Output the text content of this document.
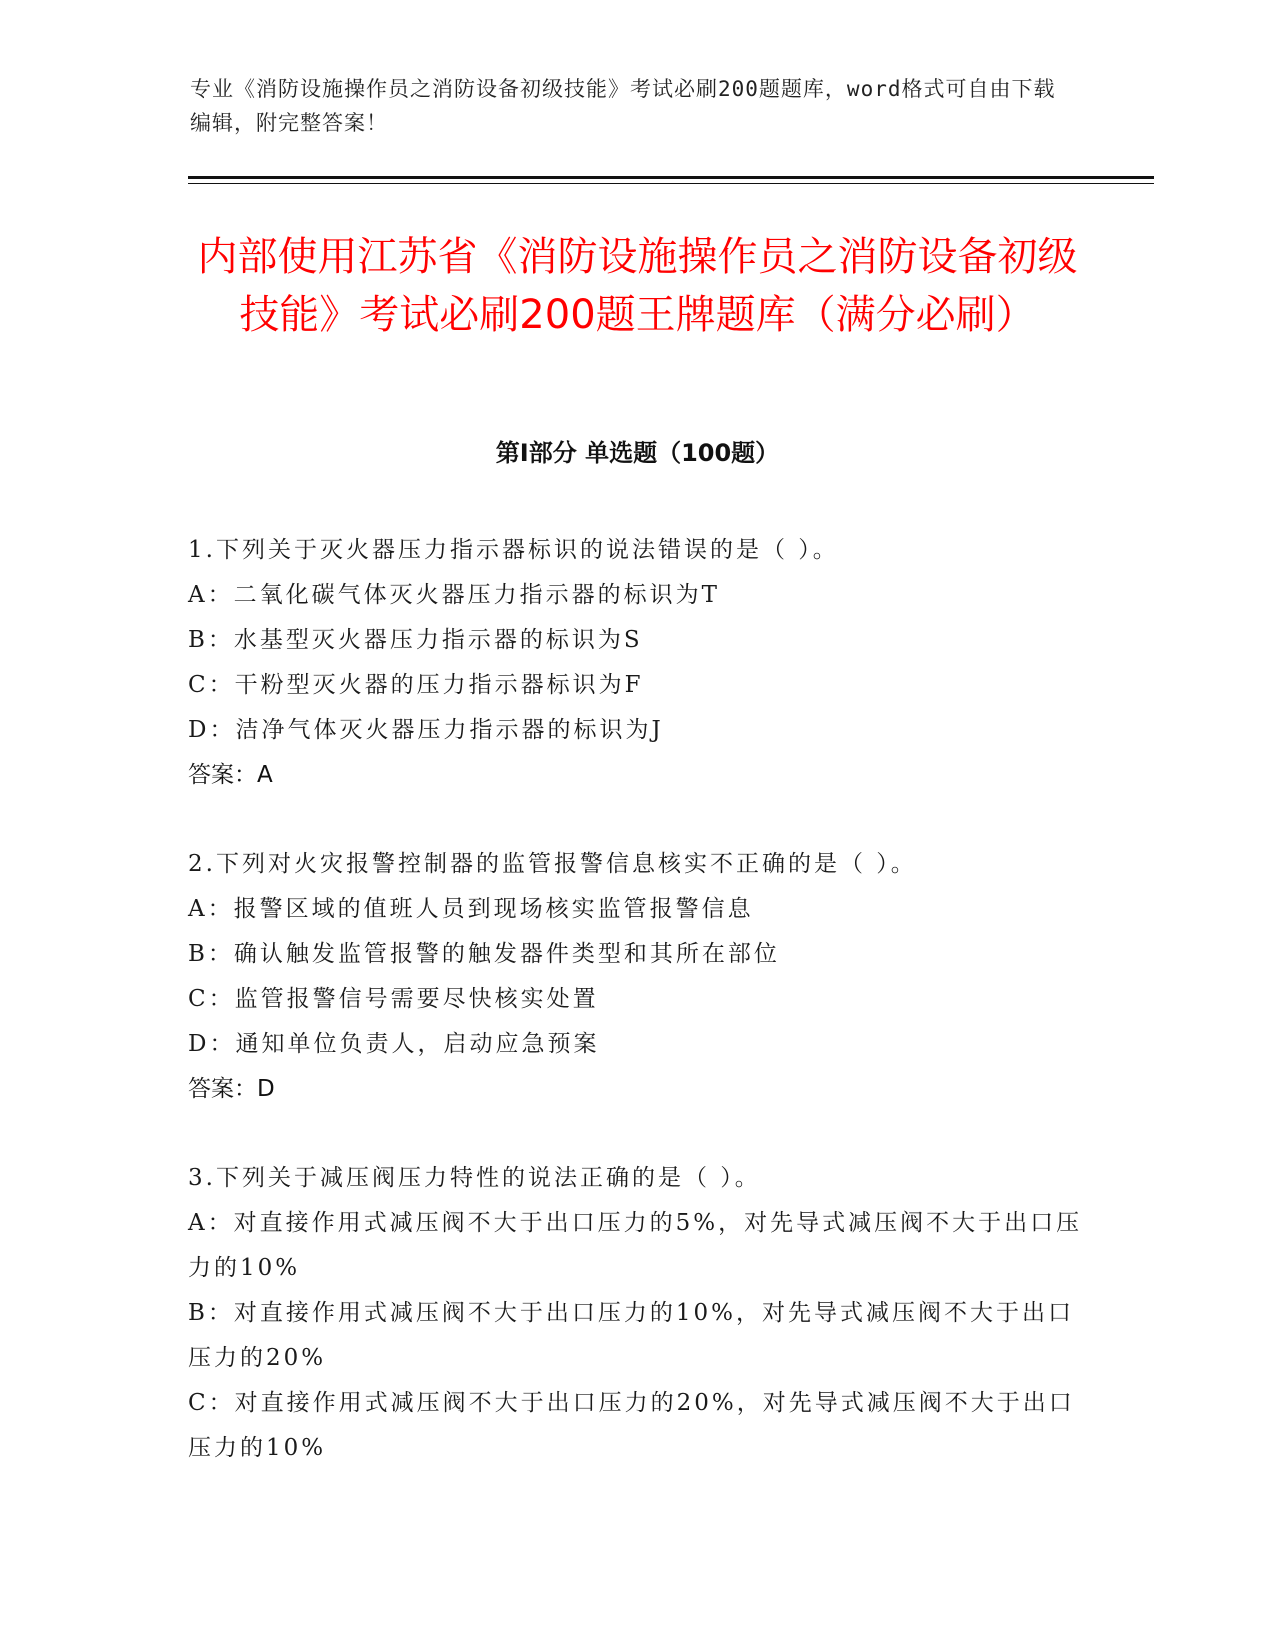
专业《消防设施操作员之消防设备初级技能》考试必刷200题题库，word格式可自由下载编辑，附完整答案！
内部使用江苏省《消防设施操作员之消防设备初级技能》考试必刷200题王牌题库（满分必刷）
第Ⅰ部分 单选题（100题）
1.下列关于灭火器压力指示器标识的说法错误的是（ ）。
A：二氧化碳气体灭火器压力指示器的标识为T
B：水基型灭火器压力指示器的标识为S
C：干粉型灭火器的压力指示器标识为F
D：洁净气体灭火器压力指示器的标识为J
答案：A
2.下列对火灾报警控制器的监管报警信息核实不正确的是（ ）。
A：报警区域的值班人员到现场核实监管报警信息
B：确认触发监管报警的触发器件类型和其所在部位
C：监管报警信号需要尽快核实处置
D：通知单位负责人，启动应急预案
答案：D
3.下列关于减压阀压力特性的说法正确的是（ ）。
A：对直接作用式减压阀不大于出口压力的5%，对先导式减压阀不大于出口压力的10%
B：对直接作用式减压阀不大于出口压力的10%，对先导式减压阀不大于出口压力的20%
C：对直接作用式减压阀不大于出口压力的20%，对先导式减压阀不大于出口压力的10%
